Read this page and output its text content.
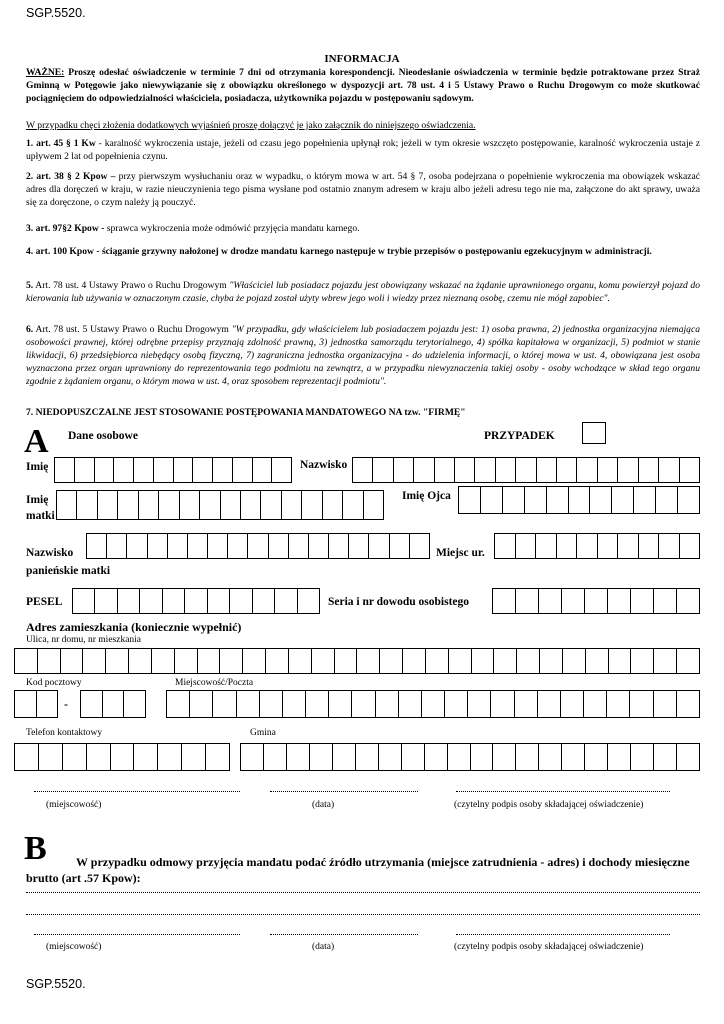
SGP.5520.
INFORMACJA
WAŻNE: Proszę odesłać oświadczenie w terminie 7 dni od otrzymania korespondencji. Nieodesłanie oświadczenia w terminie będzie potraktowane przez Straż Gminną w Potęgowie jako niewywiązanie się z obowiązku określonego w dyspozycji art. 78 ust. 4 i 5 Ustawy Prawo o Ruchu Drogowym co może skutkować pociągnięciem do odpowiedzialności właściciela, posiadacza, użytkownika pojazdu w postępowaniu sądowym.
W przypadku chęci złożenia dodatkowych wyjaśnień proszę dołączyć je jako załącznik do niniejszego oświadczenia.
1. art. 45 § 1 Kw - karalność wykroczenia ustaje, jeżeli od czasu jego popełnienia upłynął rok; jeżeli w tym okresie wszczęto postępowanie, karalność wykroczenia ustaje z upływem 2 lat od popełnienia czynu.
2. art. 38 § 2 Kpow – przy pierwszym wysłuchaniu oraz w wypadku, o którym mowa w art. 54 § 7, osoba podejrzana o popełnienie wykroczenia ma obowiązek wskazać adres dla doręczeń w kraju, w razie nieuczynienia tego pisma wysłane pod ostatnio znanym adresem w kraju albo jeżeli adresu tego nie ma, załączone do akt sprawy, uważa się za doręczone, o czym należy ją pouczyć.
3. art. 97§2 Kpow - sprawca wykroczenia może odmówić przyjęcia mandatu karnego.
4. art. 100 Kpow - ściąganie grzywny nałożonej w drodze mandatu karnego następuje w trybie przepisów o postępowaniu egzekucyjnym w administracji.
5. Art. 78 ust. 4 Ustawy Prawo o Ruchu Drogowym "Właściciel lub posiadacz pojazdu jest obowiązany wskazać na żądanie uprawnionego organu, komu powierzył pojazd do kierowania lub używania w oznaczonym czasie, chyba że pojazd został użyty wbrew jego woli i wiedzy przez nieznaną osobę, czemu nie mógł zapobiec".
6. Art. 78 ust. 5 Ustawy Prawo o Ruchu Drogowym "W przypadku, gdy właścicielem lub posiadaczem pojazdu jest: 1) osoba prawna, 2) jednostka organizacyjna niemająca osobowości prawnej, której odrębne przepisy przyznają zdolność prawną, 3) jednostka samorządu terytorialnego, 4) spółka kapitałowa w organizacji, 5) podmiot w stanie likwidacji, 6) przedsiębiorca niebędący osobą fizyczną, 7) zagraniczna jednostka organizacyjna - do udzielenia informacji, o której mowa w ust. 4, obowiązana jest osoba wyznaczona przez organ uprawniony do reprezentowania tego podmiotu na zewnątrz, a w przypadku niewyznaczenia takiej osoby - osoby wchodzące w skład tego organu zgodnie z żądaniem organu, o którym mowa w ust. 4, oraz sposobem reprezentacji podmiotu".
7. NIEDOPUSZCZALNE JEST STOSOWANIE POSTĘPOWANIA MANDATOWEGO NA tzw. "FIRMĘ"
A Dane osobowe	PRZYPADEK
Imię	Nazwisko
Imię
matki
Imię Ojca
Nazwisko
panieńskie matki
Miejsc ur.
PESEL	Seria i nr dowodu osobistego
Adres zamieszkania (koniecznie wypełnić)
Ulica, nr domu, nr mieszkania
Kod pocztowy	Miejscowość/Poczta
-
Telefon kontaktowy	Gmina
(miejscowość)	(data)	(czytelny podpis osoby składającej oświadczenie)
B	W przypadku odmowy przyjęcia mandatu podać źródło utrzymania (miejsce zatrudnienia - adres) i dochody miesięczne brutto (art .57 Kpow):
(miejscowość)	(data)	(czytelny podpis osoby składającej oświadczenie)
SGP.5520.
